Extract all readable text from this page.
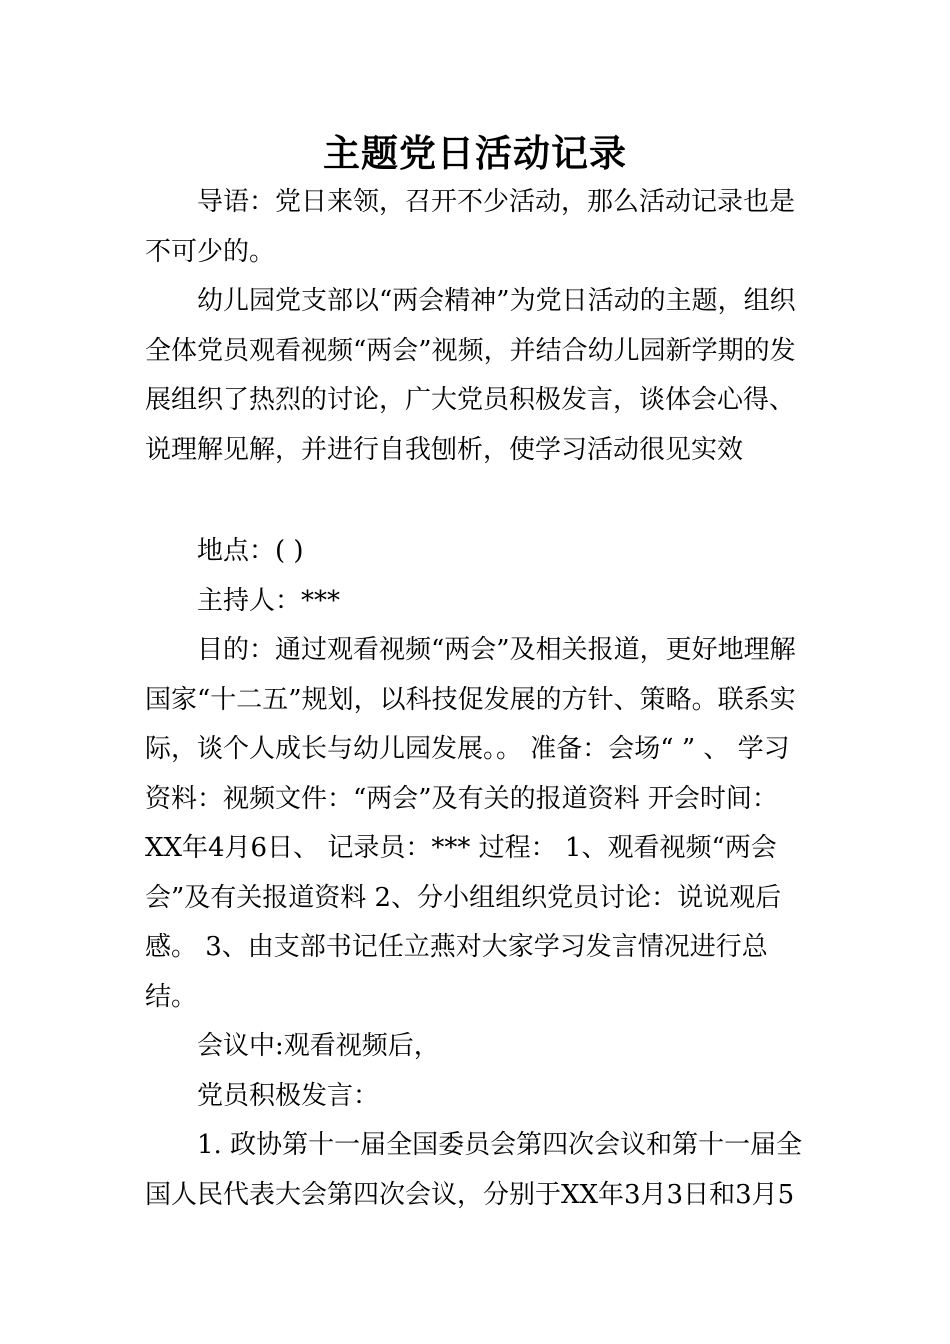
主题党日活动记录

导语：党日来领，召开不少活动，那么活动记录也是不可少的。

幼儿园党支部以“两会精神”为党日活动的主题，组织全体党员观看视频“两会”视频，并结合幼儿园新学期的发展组织了热烈的讨论，广大党员积极发言，谈体会心得、说理解见解，并进行自我刨析，使学习活动很见实效

地点：( )

主持人：***

目的：通过观看视频“两会”及相关报道，更好地理解国家“十二五”规划，以科技促发展的方针、策略。联系实际，谈个人成长与幼儿园发展。。 准备：会场“ ” 、 学习资料：视频文件：“两会”及有关的报道资料 开会时间：XX年4月6日、 记录员：*** 过程： 1、观看视频“两会会”及有关报道资料 2、分小组组织党员讨论：说说观后感。 3、由支部书记任立燕对大家学习发言情况进行总结。

会议中:观看视频后，

党员积极发言：

1. 政协第十一届全国委员会第四次会议和第十一届全国人民代表大会第四次会议，分别于XX年3月3日和3月5
